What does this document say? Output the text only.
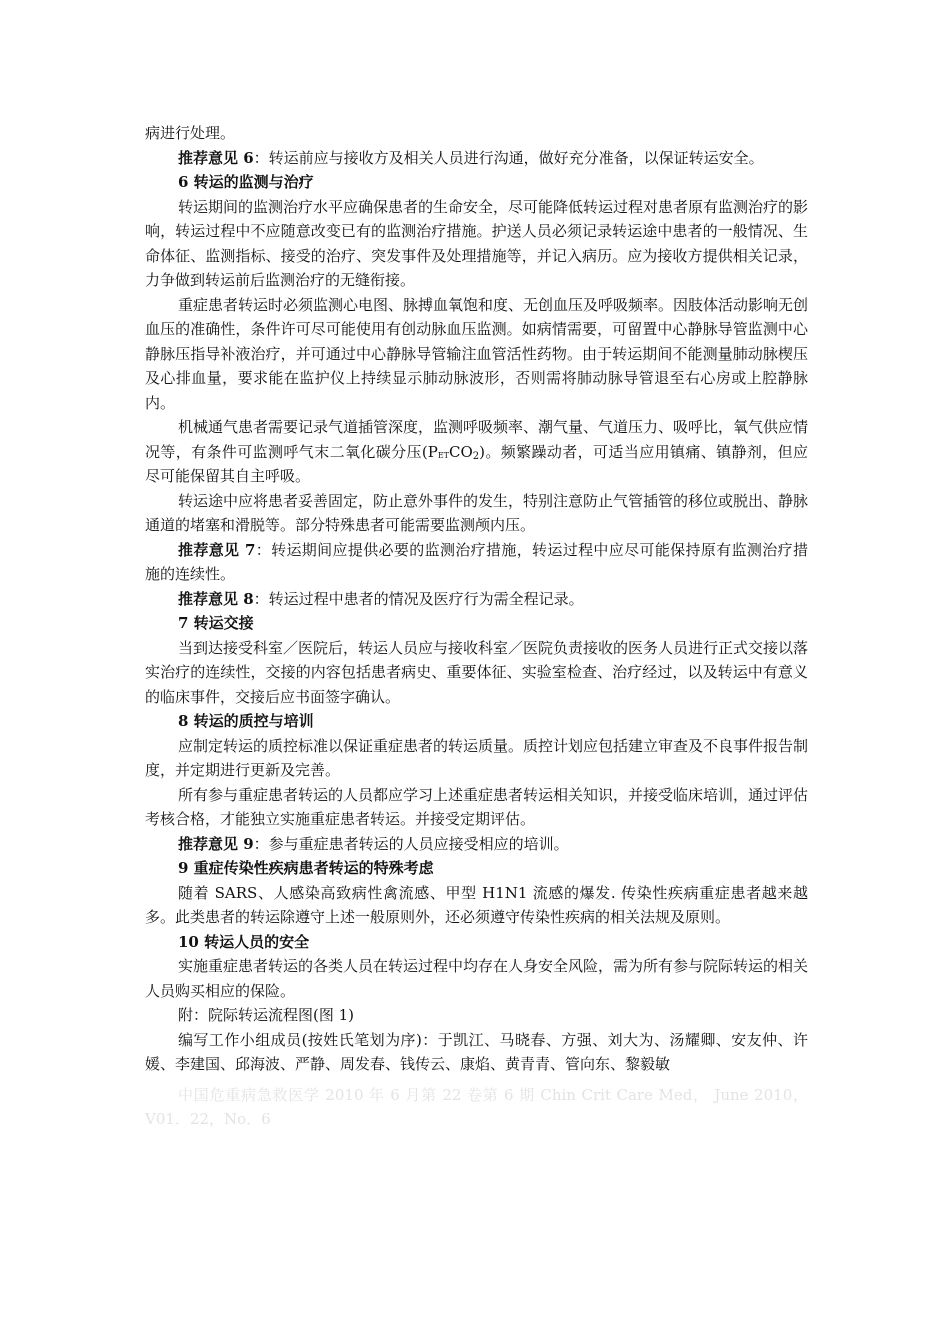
病进行处理。

推荐意见 6：转运前应与接收方及相关人员进行沟通，做好充分准备，以保证转运安全。

6 转运的监测与治疗

转运期间的监测治疗水平应确保患者的生命安全，尽可能降低转运过程对患者原有监测治疗的影响，转运过程中不应随意改变已有的监测治疗措施。护送人员必须记录转运途中患者的一般情况、生命体征、监测指标、接受的治疗、突发事件及处理措施等，并记入病历。应为接收方提供相关记录，力争做到转运前后监测治疗的无缝衔接。

重症患者转运时必须监测心电图、脉搏血氧饱和度、无创血压及呼吸频率。因肢体活动影响无创血压的准确性，条件许可尽可能使用有创动脉血压监测。如病情需要，可留置中心静脉导管监测中心静脉压指导补液治疗，并可通过中心静脉导管输注血管活性药物。由于转运期间不能测量肺动脉楔压及心排血量，要求能在监护仪上持续显示肺动脉波形，否则需将肺动脉导管退至右心房或上腔静脉内。

机械通气患者需要记录气道插管深度，监测呼吸频率、潮气量、气道压力、吸呼比，氧气供应情况等，有条件可监测呼气末二氧化碳分压$(P_{ET}CO2)$。频繁躁动者，可适当应用镇痛、镇静剂，但应尽可能保留其自主呼吸。

转运途中应将患者妥善固定，防止意外事件的发生，特别注意防止气管插管的移位或脱出、静脉通道的堵塞和滑脱等。部分特殊患者可能需要监测颅内压。

推荐意见 7：转运期间应提供必要的监测治疗措施，转运过程中应尽可能保持原有监测治疗措施的连续性。

推荐意见 8：转运过程中患者的情况及医疗行为需全程记录。

7 转运交接

当到达接受科室／医院后，转运人员应与接收科室／医院负责接收的医务人员进行正式交接以落实治疗的连续性，交接的内容包括患者病史、重要体征、实验室检查、治疗经过，以及转运中有意义的临床事件，交接后应书面签字确认。

8 转运的质控与培训

应制定转运的质控标准以保证重症患者的转运质量。质控计划应包括建立审查及不良事件报告制度，并定期进行更新及完善。

所有参与重症患者转运的人员都应学习上述重症患者转运相关知识，并接受临床培训，通过评估考核合格，才能独立实施重症患者转运。并接受定期评估。

推荐意见 9：参与重症患者转运的人员应接受相应的培训。

9 重症传染性疾病患者转运的特殊考虑

随着 SARS、人感染高致病性禽流感、甲型 H1N1 流感的爆发. 传染性疾病重症患者越来越多。此类患者的转运除遵守上述一般原则外，还必须遵守传染性疾病的相关法规及原则。

10 转运人员的安全

实施重症患者转运的各类人员在转运过程中均存在人身安全风险，需为所有参与院际转运的相关人员购买相应的保险。

附：院际转运流程图(图 1)

编写工作小组成员(按姓氏笔划为序)：于凯江、马晓春、方强、刘大为、汤耀卿、安友仲、许媛、李建国、邱海波、严静、周发春、钱传云、康焰、黄青青、管向东、黎毅敏

中国危重病急救医学 2010 年 6 月第 22 卷第 6 期 Chin Crit Care Med， June 2010，V01．22，No．6
